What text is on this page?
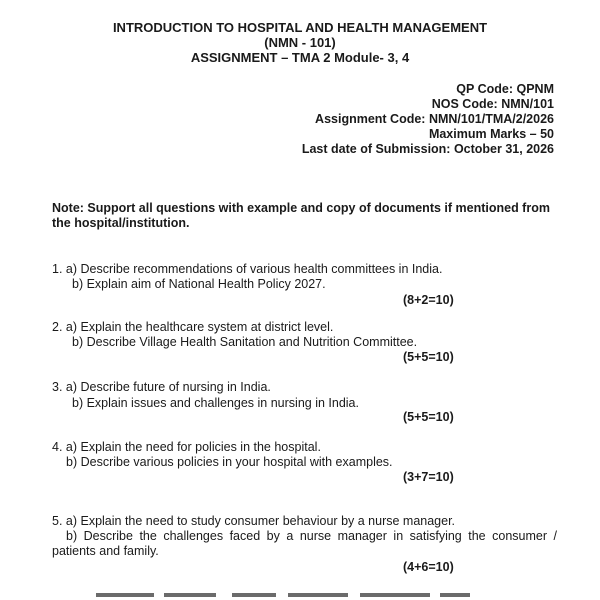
INTRODUCTION TO HOSPITAL AND HEALTH MANAGEMENT
(NMN - 101)
ASSIGNMENT – TMA 2 Module- 3, 4
QP Code: QPNM
NOS Code: NMN/101
Assignment Code: NMN/101/TMA/2/2026
Maximum Marks – 50
Last date of Submission: October 31, 2026
Note: Support all questions with example and copy of documents if mentioned from the hospital/institution.
1. a) Describe recommendations of various health committees in India.
b) Explain aim of National Health Policy 2027.
(8+2=10)
2. a) Explain the healthcare system at district level.
b) Describe Village Health Sanitation and Nutrition Committee.
(5+5=10)
3. a) Describe future of nursing in India.
b) Explain issues and challenges in nursing in India.
(5+5=10)
4. a) Explain the need for policies in the hospital.
b) Describe various policies in your hospital with examples.
(3+7=10)
5. a) Explain the need to study consumer behaviour by a nurse manager.
b) Describe the challenges faced by a nurse manager in satisfying the consumer / patients and family.
(4+6=10)
